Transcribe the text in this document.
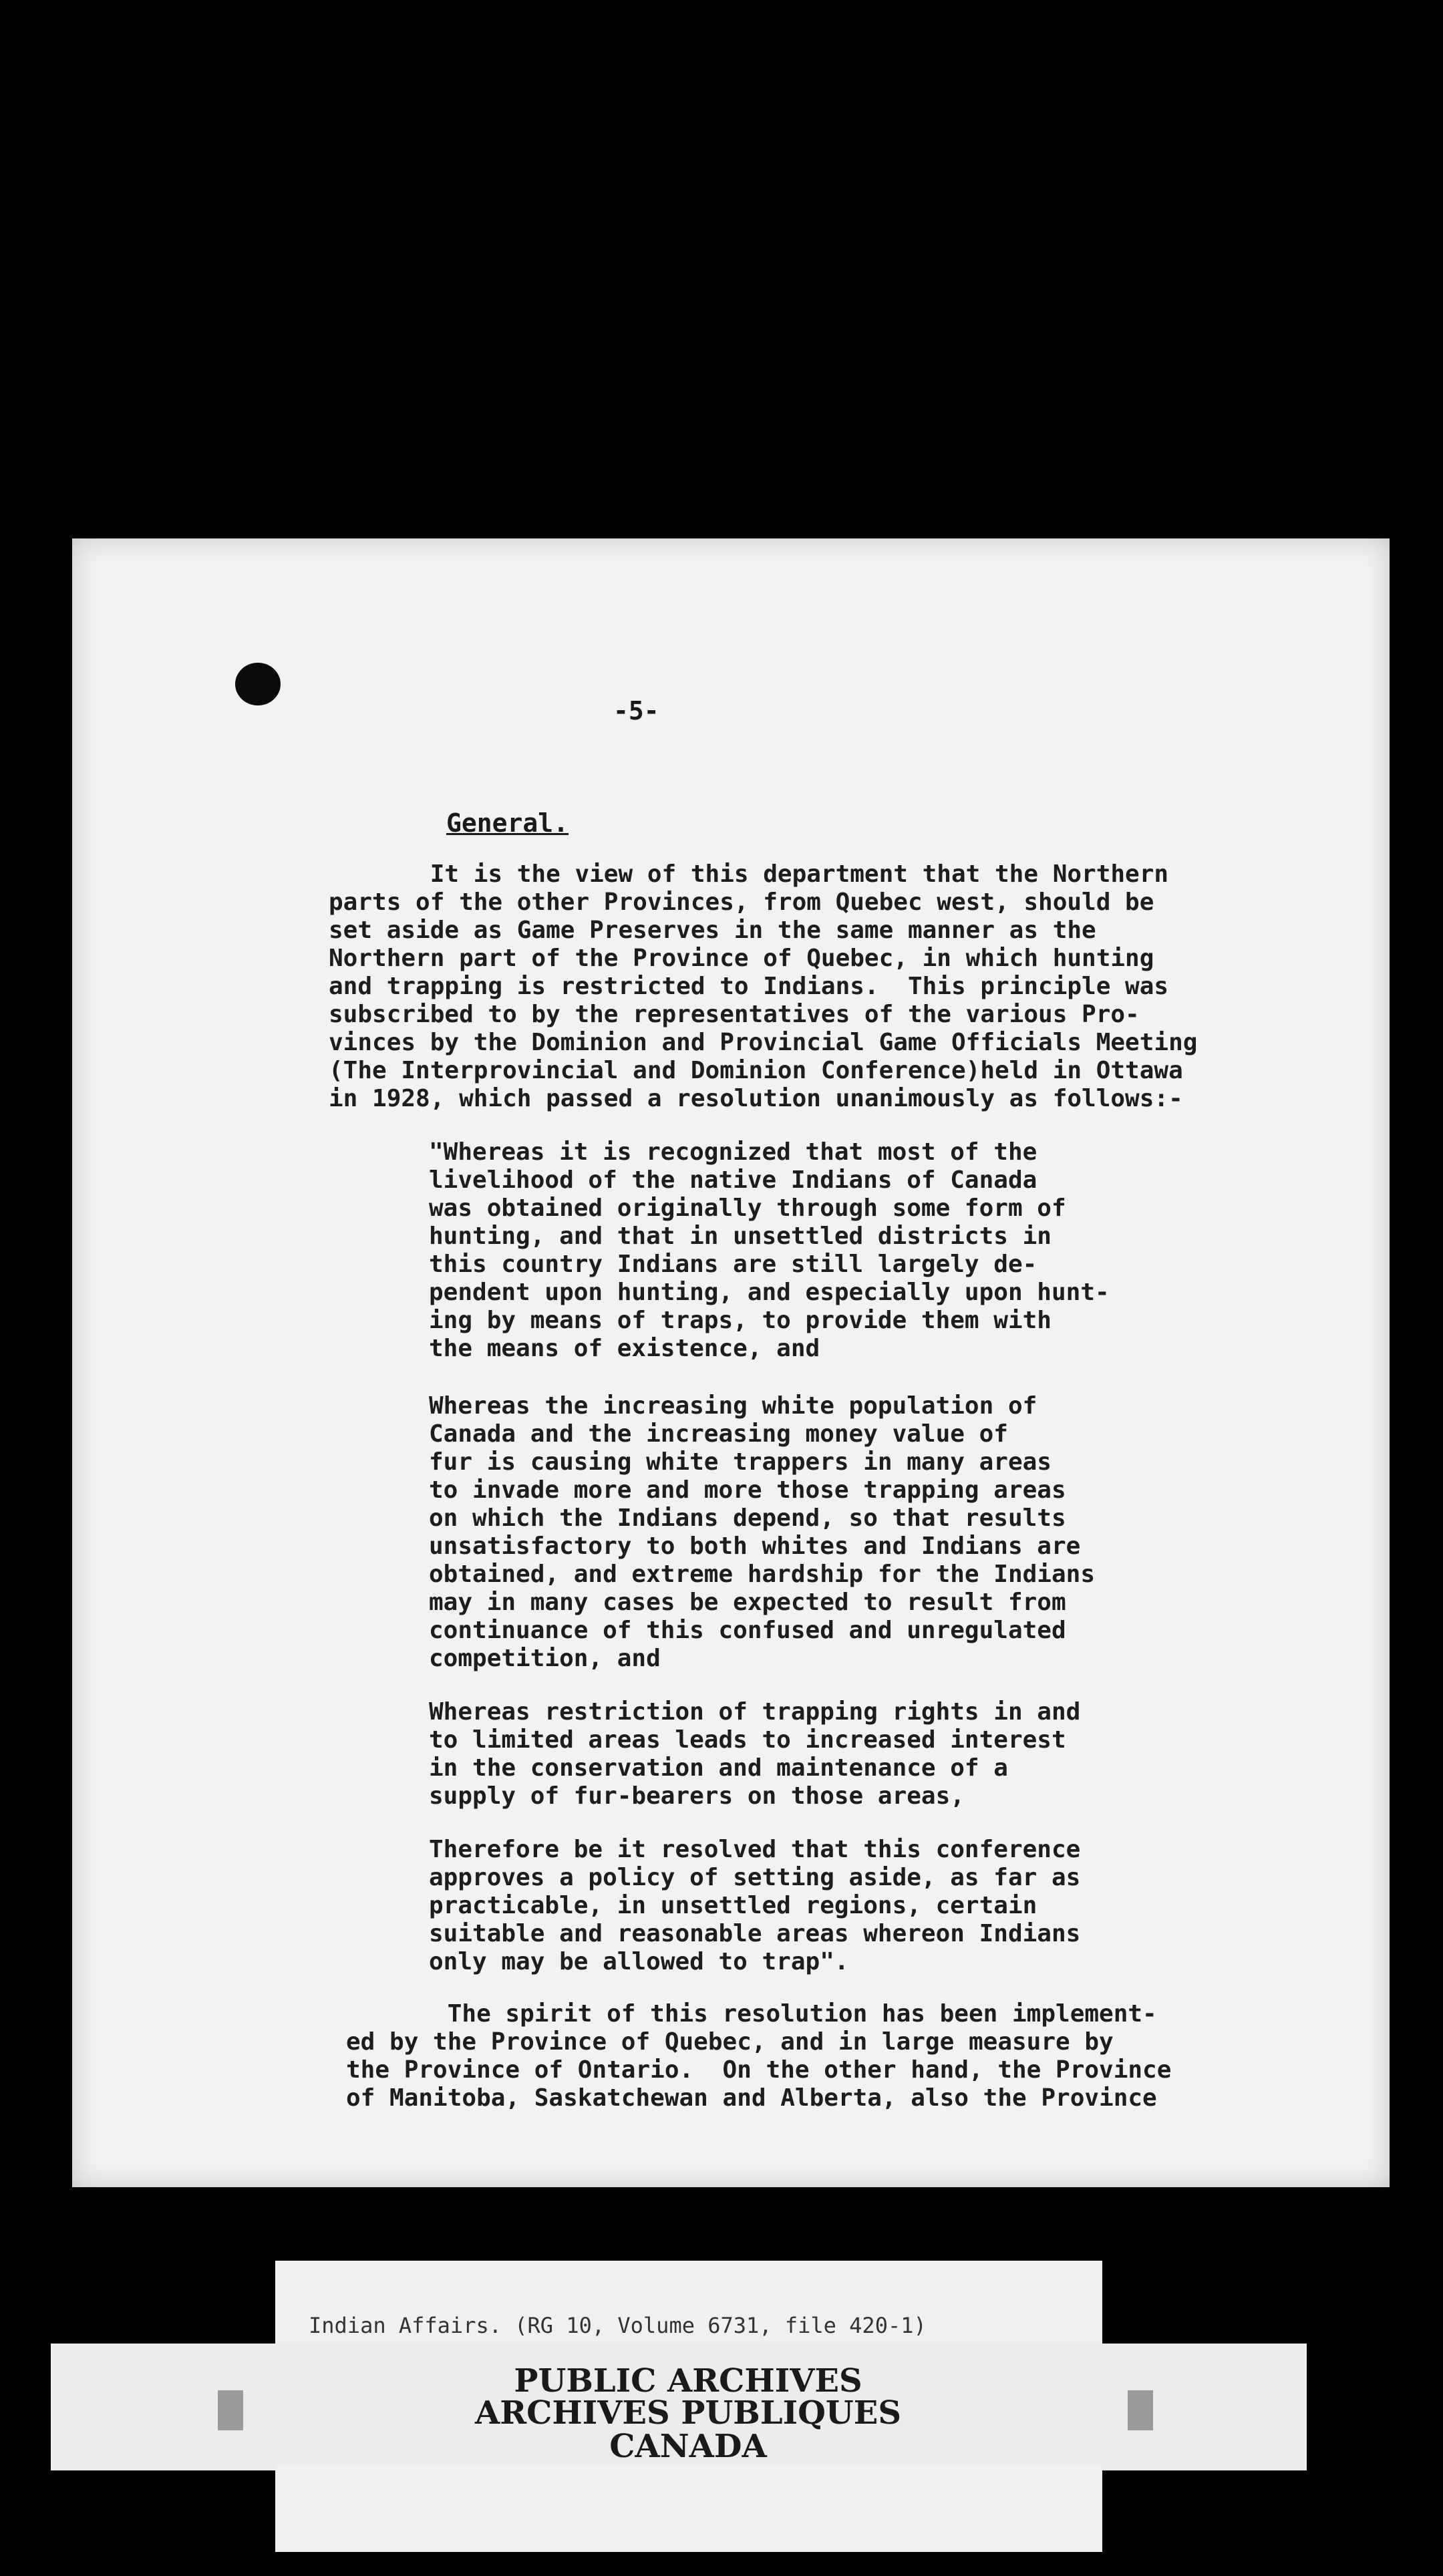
-5-
General.
It is the view of this department that the Northern
parts of the other Provinces, from Quebec west, should be
set aside as Game Preserves in the same manner as the
Northern part of the Province of Quebec, in which hunting
and trapping is restricted to Indians.  This principle was
subscribed to by the representatives of the various Pro-
vinces by the Dominion and Provincial Game Officials Meeting
(The Interprovincial and Dominion Conference)held in Ottawa
in 1928, which passed a resolution unanimously as follows:-
"Whereas it is recognized that most of the
livelihood of the native Indians of Canada
was obtained originally through some form of
hunting, and that in unsettled districts in
this country Indians are still largely de-
pendent upon hunting, and especially upon hunt-
ing by means of traps, to provide them with
the means of existence, and
Whereas the increasing white population of
Canada and the increasing money value of
fur is causing white trappers in many areas
to invade more and more those trapping areas
on which the Indians depend, so that results
unsatisfactory to both whites and Indians are
obtained, and extreme hardship for the Indians
may in many cases be expected to result from
continuance of this confused and unregulated
competition, and
Whereas restriction of trapping rights in and
to limited areas leads to increased interest
in the conservation and maintenance of a
supply of fur-bearers on those areas,
Therefore be it resolved that this conference
approves a policy of setting aside, as far as
practicable, in unsettled regions, certain
suitable and reasonable areas whereon Indians
only may be allowed to trap".
The spirit of this resolution has been implement-
ed by the Province of Quebec, and in large measure by
the Province of Ontario.  On the other hand, the Province
of Manitoba, Saskatchewan and Alberta, also the Province
Indian Affairs. (RG 10, Volume 6731, file 420-1)
PUBLIC ARCHIVES
ARCHIVES PUBLIQUES
CANADA
